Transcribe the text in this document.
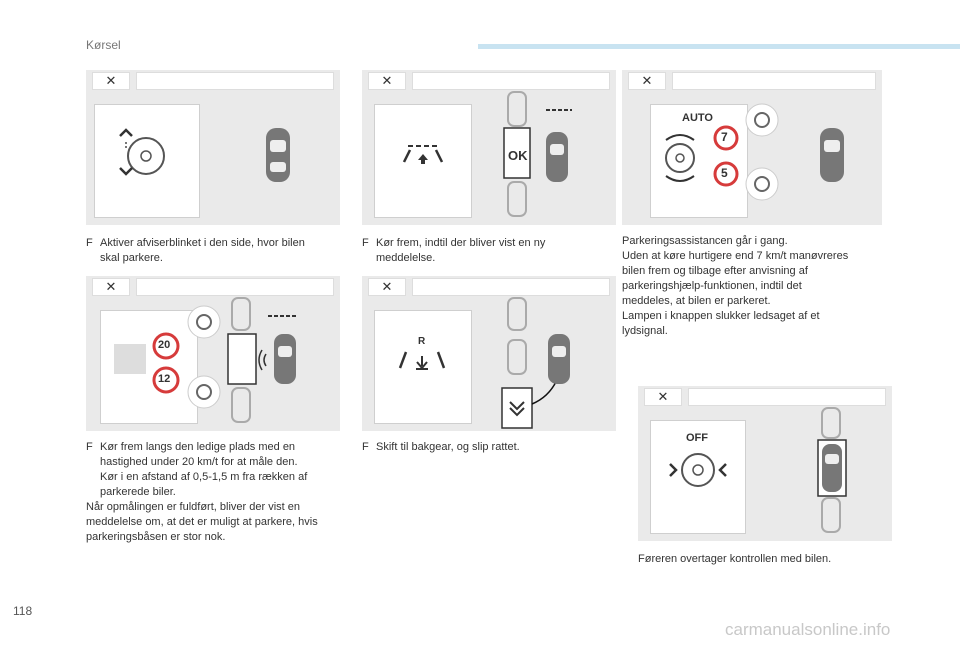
Kørsel
✕
F Aktiver afviserblinket i den side, hvor bilen
skal parkere.
✕
OK
F Kør frem, indtil der bliver vist en ny
meddelelse.
✕
AUTO
7
5
Parkeringsassistancen går i gang.
Uden at køre hurtigere end 7 km/t manøvreres
bilen frem og tilbage efter anvisning af
parkeringshjælp-funktionen, indtil det
meddeles, at bilen er parkeret.
Lampen i knappen slukker ledsaget af et
lydsignal.
✕
20
12
F Kør frem langs den ledige plads med en
hastighed under 20 km/t for at måle den.
Kør i en afstand af 0,5-1,5 m fra rækken af
parkerede biler.
Når opmålingen er fuldført, bliver der vist en
meddelelse om, at det er muligt at parkere, hvis
parkeringsbåsen er stor nok.
✕
R
F Skift til bakgear, og slip rattet.
✕
OFF
Føreren overtager kontrollen med bilen.
118
carmanualsonline.info
